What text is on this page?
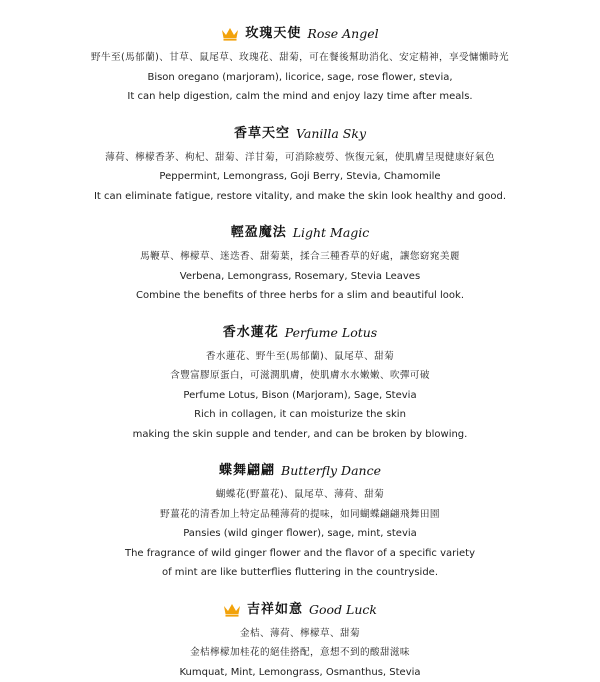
玫瑰天使 Rose Angel
野牛至(馬郁蘭)、甘草、鼠尾草、玫瑰花、甜菊，可在餐後幫助消化、安定精神，享受慵懶時光
Bison oregano (marjoram), licorice, sage, rose flower, stevia,
It can help digestion, calm the mind and enjoy lazy time after meals.
香草天空 Vanilla Sky
薄荷、檸檬香茅、枸杞、甜菊、洋甘菊，可消除疲勞、恢復元氣，使肌膚呈現健康好氣色
Peppermint, Lemongrass, Goji Berry, Stevia, Chamomile
It can eliminate fatigue, restore vitality, and make the skin look healthy and good.
輕盈魔法 Light Magic
馬鞭草、檸檬草、迷迭香、甜菊葉，揉合三種香草的好處，讓您窈窕美麗
Verbena, Lemongrass, Rosemary, Stevia Leaves
Combine the benefits of three herbs for a slim and beautiful look.
香水蓮花 Perfume Lotus
香水蓮花、野牛至(馬郁蘭)、鼠尾草、甜菊
含豐富膠原蛋白，可滋潤肌膚，使肌膚水水嫩嫩、吹彈可破
Perfume Lotus, Bison (Marjoram), Sage, Stevia
Rich in collagen, it can moisturize the skin
making the skin supple and tender, and can be broken by blowing.
蝶舞翩翩 Butterfly Dance
蝴蝶花(野薑花)、鼠尾草、薄荷、甜菊
野薑花的清香加上特定品種薄荷的提味，如同蝴蝶翩翩飛舞田園
Pansies (wild ginger flower), sage, mint, stevia
The fragrance of wild ginger flower and the flavor of a specific variety
of mint are like butterflies fluttering in the countryside.
吉祥如意 Good Luck
金桔、薄荷、檸檬草、甜菊
金桔檸檬加桂花的絕佳搭配，意想不到的酸甜滋味
Kumquat, Mint, Lemongrass, Osmanthus, Stevia
